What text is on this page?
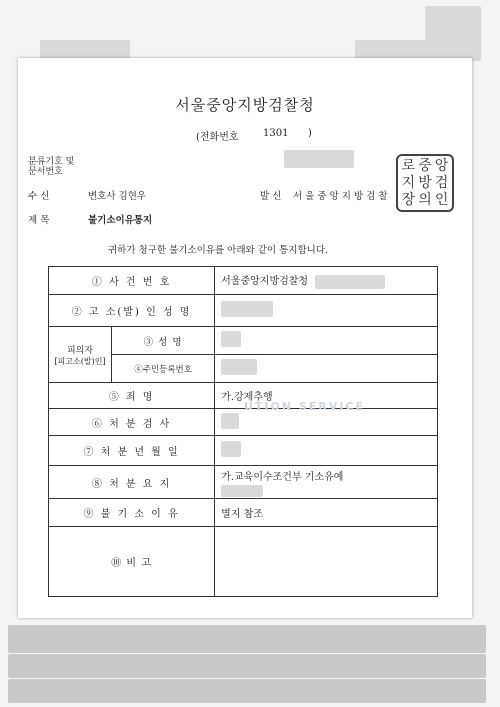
서울중앙지방검찰청
(전화번호 1301 )
분류기호 및
문서번호
수 신	변호사 김현우	발 신 서 울 중 앙 지 방 검 찰
로 중 앙
지 방 검
장 의 인
제 목	불기소이유통지
귀하가 청구한 불기소이유를 아래와 같이 통지합니다.
① 사 건 번 호		서울중앙지방검찰청
② 고 소(발) 인 성 명		

피의자
[피고소(발)인]	③ 성 명	
	④주민등록번호	
⑤ 죄 명		가.강제추행
⑥ 처 분 검 사		
⑦ 처 분 년 월 일		
⑧ 처 분 요 지		가.교육이수조건부 기소유예

⑨ 불 기 소 이 유		별지 참조
⑩ 비 고		
UTION SERVICE
